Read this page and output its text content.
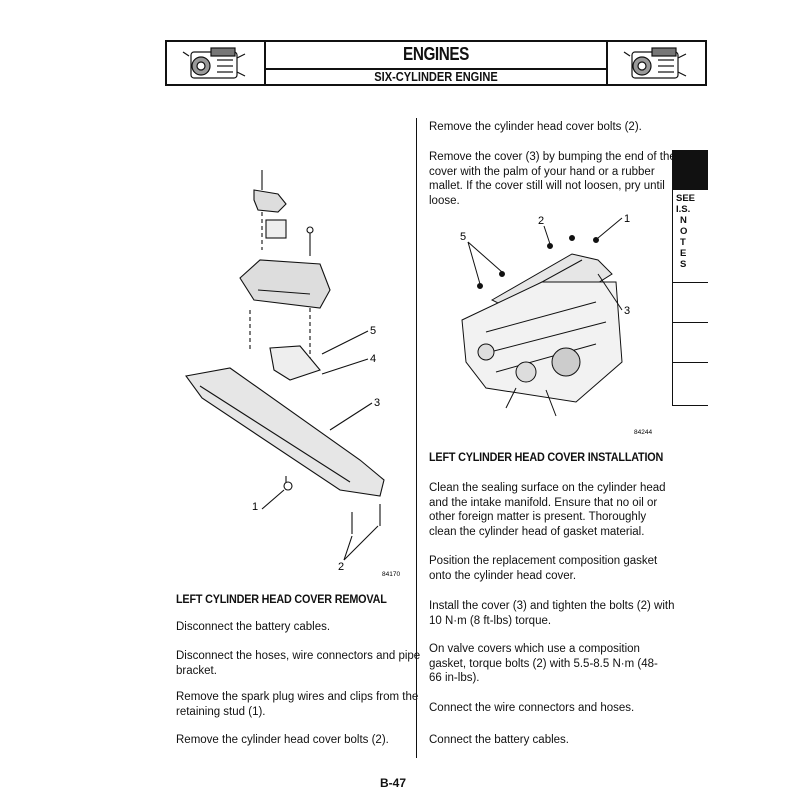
ENGINES
SIX-CYLINDER ENGINE
SEE
I.S.
N
O
T
E
S
5
4
3
1
2
84170
2	1
5
3
84244
LEFT CYLINDER HEAD COVER REMOVAL
Disconnect the battery cables.
Disconnect the hoses, wire connectors and pipe
bracket.
Remove the spark plug wires and clips from the
retaining stud (1).
Remove the cylinder head cover bolts (2).
Remove the cylinder head cover bolts (2).
Remove the cover (3) by bumping the end of the
cover with the palm of your hand or a rubber
mallet. If the cover still will not loosen, pry until
loose.
LEFT CYLINDER HEAD COVER INSTALLATION
Clean the sealing surface on the cylinder head
and the intake manifold. Ensure that no oil or
other foreign matter is present. Thoroughly
clean the cylinder head of gasket material.
Position the replacement composition gasket
onto the cylinder head cover.
Install the cover (3) and tighten the bolts (2) with
10 N·m (8 ft-lbs) torque.
On valve covers which use a composition
gasket, torque bolts (2) with 5.5-8.5 N·m (48-
66 in-lbs).
Connect the wire connectors and hoses.
Connect the battery cables.
B-47
